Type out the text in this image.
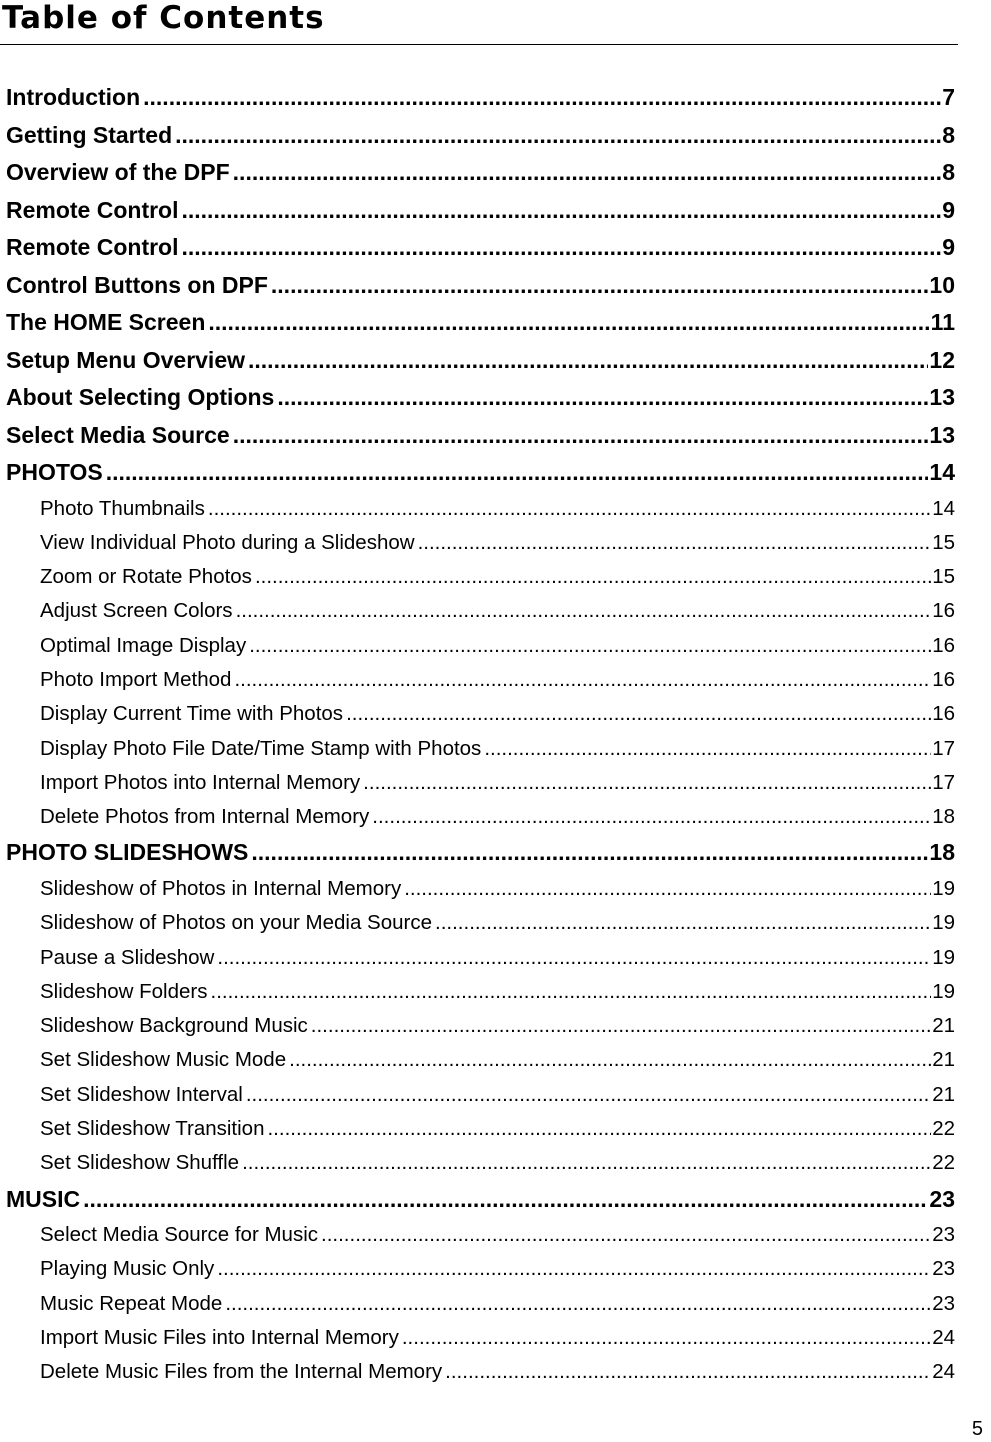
Table of Contents
Introduction .....	7
Getting Started .....	8
Overview of the DPF .....	8
Remote Control .....	9
Remote Control .....	9
Control Buttons on DPF .....	10
The HOME Screen .....	11
Setup Menu Overview .....	12
About Selecting Options .....	13
Select Media Source .....	13
PHOTOS .....	14
Photo Thumbnails .....	14
View Individual Photo during a Slideshow .....	15
Zoom or Rotate Photos .....	15
Adjust Screen Colors .....	16
Optimal Image Display .....	16
Photo Import Method .....	16
Display Current Time with Photos .....	16
Display Photo File Date/Time Stamp with Photos .....	17
Import Photos into Internal Memory .....	17
Delete Photos from Internal Memory .....	18
PHOTO SLIDESHOWS .....	18
Slideshow of Photos in Internal Memory .....	19
Slideshow of Photos on your Media Source .....	19
Pause a Slideshow .....	19
Slideshow Folders .....	19
Slideshow Background Music .....	21
Set Slideshow Music Mode .....	21
Set Slideshow Interval .....	21
Set Slideshow Transition .....	22
Set Slideshow Shuffle .....	22
MUSIC .....	23
Select Media Source for Music .....	23
Playing Music Only .....	23
Music Repeat Mode .....	23
Import Music Files into Internal Memory .....	24
Delete Music Files from the Internal Memory .....	24
5
